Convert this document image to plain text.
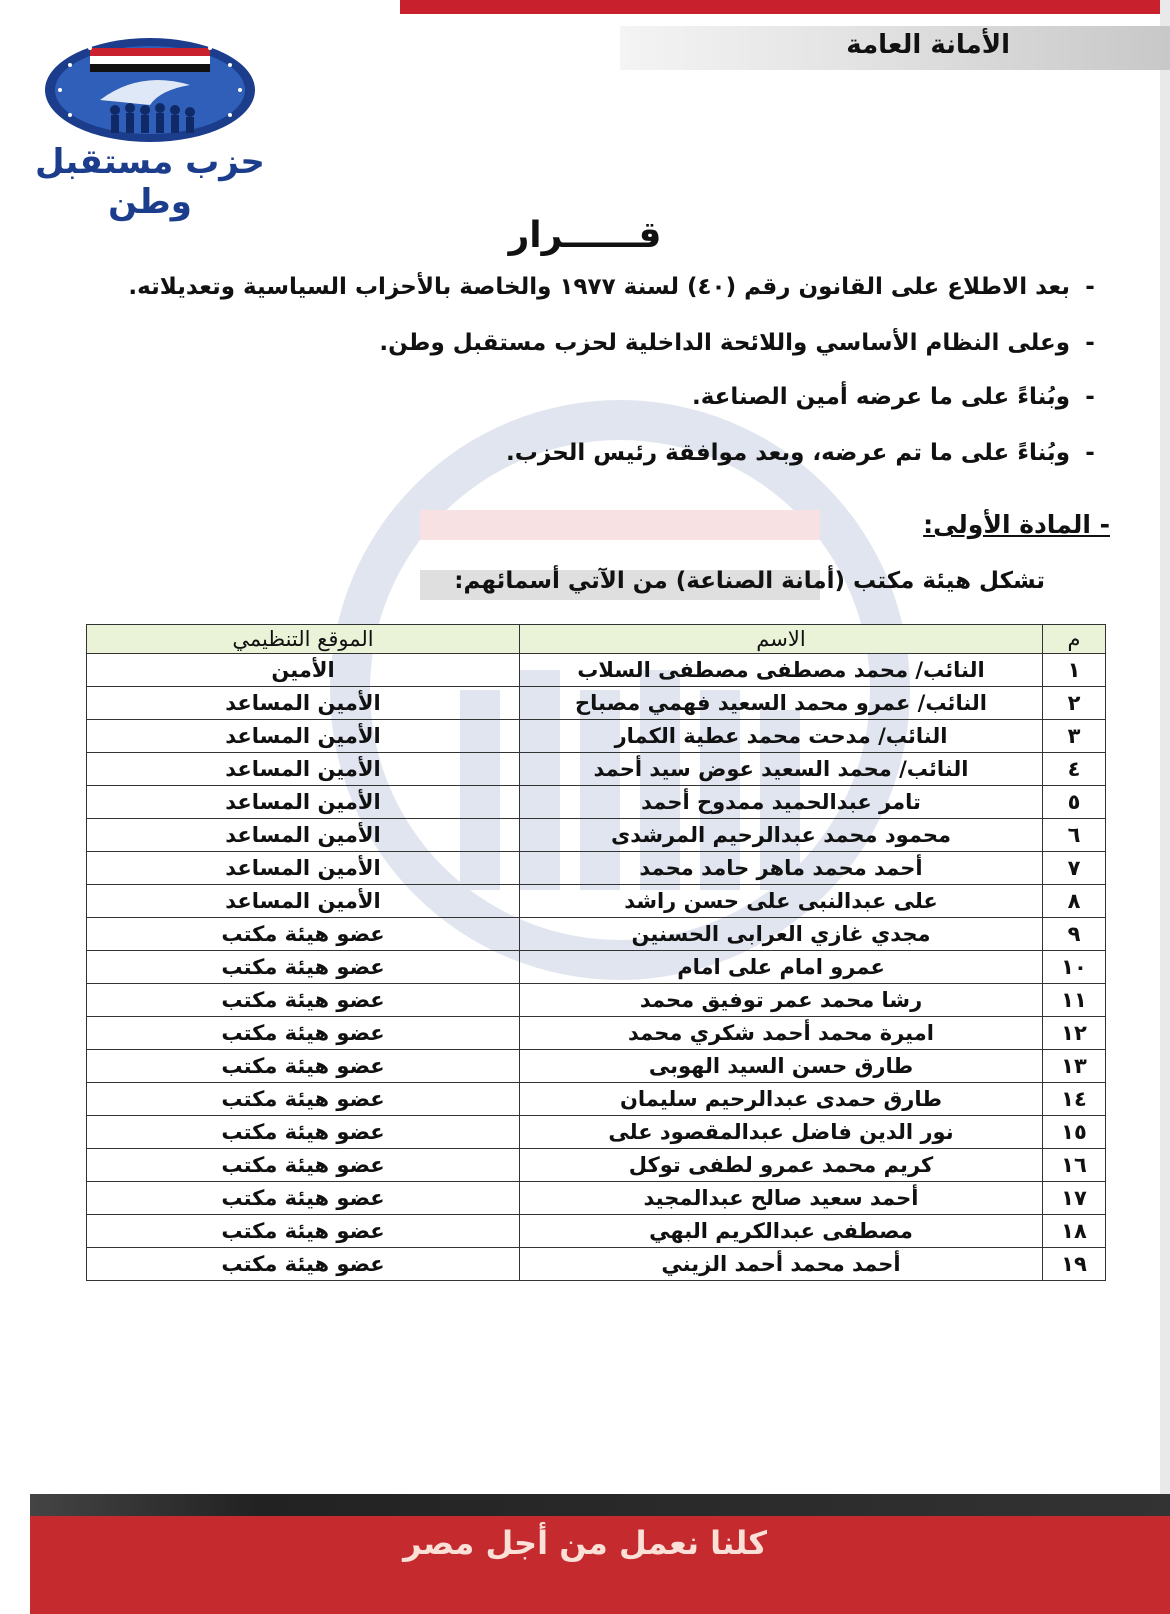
الأمانة العامة
حزب مستقبل وطن
قــــــرار
-بعد الاطلاع على القانون رقم (٤٠) لسنة ١٩٧٧ والخاصة بالأحزاب السياسية وتعديلاته.
-وعلى النظام الأساسي واللائحة الداخلية لحزب مستقبل وطن.
-وبُناءً على ما عرضه أمين الصناعة.
-وبُناءً على ما تم عرضه، وبعد موافقة رئيس الحزب.
- المادة الأولى:
تشكل هيئة مكتب (أمانة الصناعة) من الآتي أسمائهم:
م	الاسم	الموقع التنظيمي
١	النائب/ محمد مصطفى مصطفى السلاب	الأمين
٢	النائب/ عمرو محمد السعيد فهمي مصباح	الأمين المساعد
٣	النائب/ مدحت محمد عطية الكمار	الأمين المساعد
٤	النائب/ محمد السعيد عوض سيد أحمد	الأمين المساعد
٥	تامر عبدالحميد ممدوح أحمد	الأمين المساعد
٦	محمود محمد عبدالرحيم المرشدى	الأمين المساعد
٧	أحمد محمد ماهر حامد محمد	الأمين المساعد
٨	على عبدالنبى على حسن راشد	الأمين المساعد
٩	مجدي غازي العرابى الحسنين	عضو هيئة مكتب
١٠	عمرو امام على امام	عضو هيئة مكتب
١١	رشا محمد عمر توفيق محمد	عضو هيئة مكتب
١٢	اميرة محمد أحمد شكري محمد	عضو هيئة مكتب
١٣	طارق حسن السيد الهوبى	عضو هيئة مكتب
١٤	طارق حمدى عبدالرحيم سليمان	عضو هيئة مكتب
١٥	نور الدين فاضل عبدالمقصود على	عضو هيئة مكتب
١٦	كريم محمد عمرو لطفى توكل	عضو هيئة مكتب
١٧	أحمد سعيد صالح عبدالمجيد	عضو هيئة مكتب
١٨	مصطفى عبدالكريم البهي	عضو هيئة مكتب
١٩	أحمد محمد أحمد الزيني	عضو هيئة مكتب
كلنا نعمل من أجل مصر
